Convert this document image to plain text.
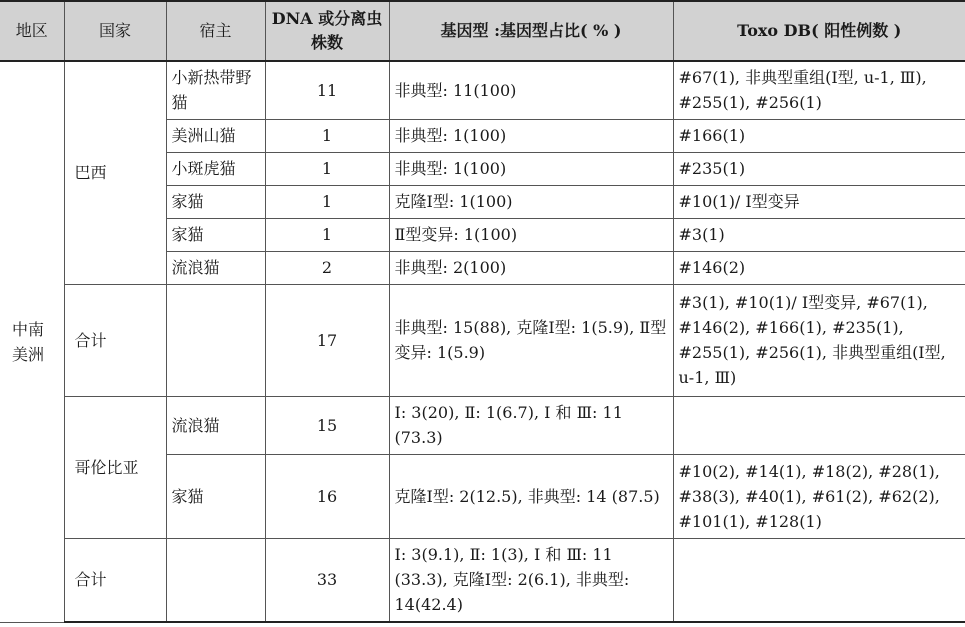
地区	国家	宿主	DNA 或分离虫株数	基因型 :基因型占比( % )	Toxo DB( 阳性例数 )
中南美洲	巴西	小新热带野猫	11	非典型: 11(100)	#67(1), 非典型重组(Ⅰ型, u-1, Ⅲ), #255(1), #256(1)
		美洲山猫	1	非典型: 1(100)	#166(1)
		小斑虎猫	1	非典型: 1(100)	#235(1)
		家猫	1	克隆Ⅰ型: 1(100)	#10(1)/ Ⅰ型变异
		家猫	1	Ⅱ型变异: 1(100)	#3(1)
		流浪猫	2	非典型: 2(100)	#146(2)
	合计		17	非典型: 15(88), 克隆Ⅰ型: 1(5.9), Ⅱ型变异: 1(5.9)	#3(1), #10(1)/ Ⅰ型变异, #67(1), #146(2), #166(1), #235(1), #255(1), #256(1), 非典型重组(Ⅰ型, u-1, Ⅲ)
	哥伦比亚	流浪猫	15	Ⅰ: 3(20), Ⅱ: 1(6.7), Ⅰ 和 Ⅲ: 11 (73.3)	
		家猫	16	克隆Ⅰ型: 2(12.5), 非典型: 14 (87.5)	#10(2), #14(1), #18(2), #28(1), #38(3), #40(1), #61(2), #62(2), #101(1), #128(1)
	合计		33	Ⅰ: 3(9.1), Ⅱ: 1(3), Ⅰ 和 Ⅲ: 11 (33.3), 克隆Ⅰ型: 2(6.1), 非典型: 14(42.4)	
